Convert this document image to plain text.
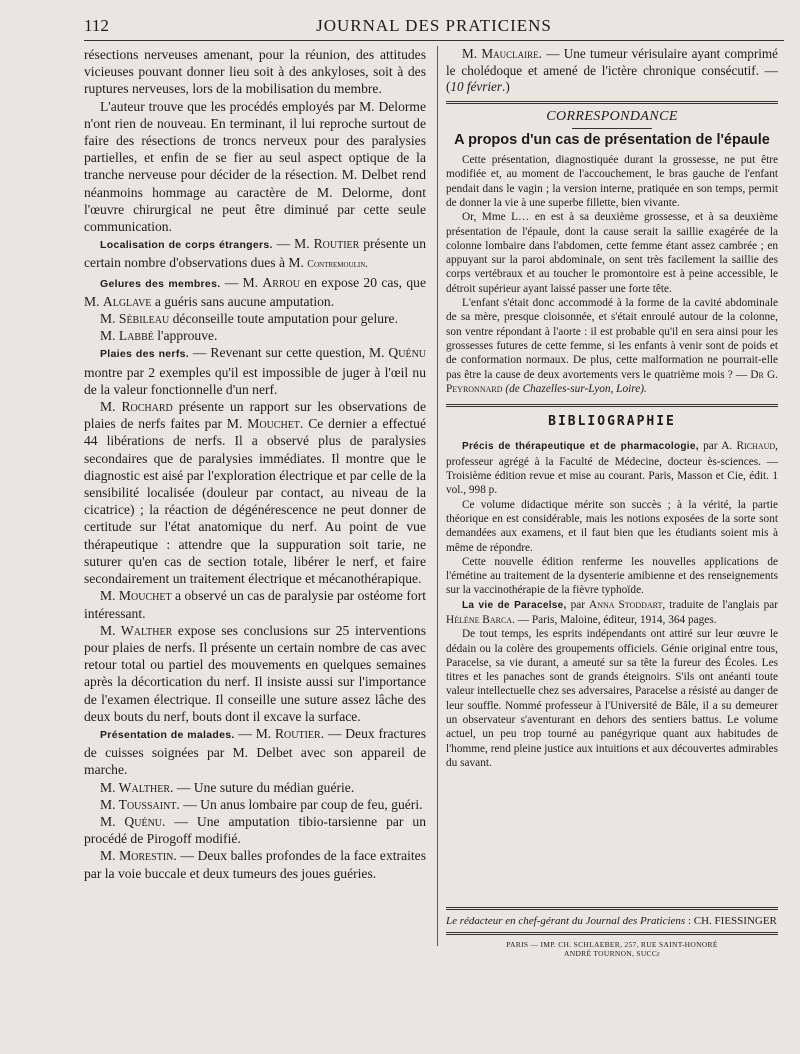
112	JOURNAL DES PRATICIENS

résections nerveuses amenant, pour la réunion, des attitudes vicieuses pouvant donner lieu soit à des ankyloses, soit à des ruptures nerveuses, lors de la mobilisation du membre.

L'auteur trouve que les procédés employés par M. Delorme n'ont rien de nouveau. En terminant, il lui reproche surtout de faire des résections de troncs nerveux pour des paralysies partielles, et enfin de se fier au seul aspect optique de la tranche nerveuse pour décider de la résection. M. Delbet rend néanmoins hommage au caractère de M. Delorme, dont l'œuvre chirurgical ne peut être diminué par cette seule communication.

Localisation de corps étrangers. — M. Routier présente un certain nombre d'observations dues à M. Contremoulin.

Gelures des membres. — M. Arrou en expose 20 cas, que M. Alglave a guéris sans aucune amputation.

M. Sébileau déconseille toute amputation pour gelure.

M. Labbé l'approuve.

Plaies des nerfs. — Revenant sur cette question, M. Quénu montre par 2 exemples qu'il est impossible de juger à l'œil nu de la valeur fonctionnelle d'un nerf.

M. Rochard présente un rapport sur les observations de plaies de nerfs faites par M. Mouchet. Ce dernier a effectué 44 libérations de nerfs. Il a observé plus de paralysies secondaires que de paralysies immédiates. Il montre que le diagnostic est aisé par l'exploration électrique et par celle de la sensibilité localisée (douleur par contact, au niveau de la cicatrice) ; la réaction de dégénérescence ne peut donner de certitude sur l'état anatomique du nerf. Au point de vue thérapeutique : attendre que la suppuration soit tarie, ne suturer qu'en cas de section totale, libérer le nerf, et faire secondairement un traitement électrique et mécanothérapique.

M. Mouchet a observé un cas de paralysie par ostéome fort intéressant.

M. Walther expose ses conclusions sur 25 interventions pour plaies de nerfs. Il présente un certain nombre de cas avec retour total ou partiel des mouvements en quelques semaines après la décortication du nerf. Il insiste aussi sur l'importance de l'examen électrique. Il conseille une suture assez lâche des deux bouts du nerf, bouts dont il excave la surface.

Présentation de malades. — M. Routier. — Deux fractures de cuisses soignées par M. Delbet avec son appareil de marche.

M. Walther. — Une suture du médian guérie.

M. Toussaint. — Un anus lombaire par coup de feu, guéri.

M. Quénu. — Une amputation tibio-tarsienne par un procédé de Pirogoff modifié.

M. Morestin. — Deux balles profondes de la face extraites par la voie buccale et deux tumeurs des joues guéries.

M. Mauclaire. — Une tumeur vérisulaire ayant comprimé le cholédoque et amené de l'ictère chronique consécutif. — (10 février.)

CORRESPONDANCE
A propos d'un cas de présentation de l'épaule

Cette présentation, diagnostiquée durant la grossesse, ne put être modifiée et, au moment de l'accouchement, le bras gauche de l'enfant pendait dans le vagin ; la version interne, pratiquée en son temps, permit de donner la vie à une superbe fillette, bien vivante.

Or, Mme L… en est à sa deuxième grossesse, et à sa deuxième présentation de l'épaule, dont la cause serait la saillie exagérée de la colonne lombaire dans l'abdomen, cette femme étant assez cambrée ; en appuyant sur la paroi abdominale, on sent très facilement la saillie des corps vertébraux et au toucher le promontoire est à peine accessible, le détroit supérieur ayant laissé passer une forte tête.

L'enfant s'était donc accommodé à la forme de la cavité abdominale de sa mère, presque cloisonnée, et s'était enroulé autour de la colonne, son ventre répondant à l'aorte : il est probable qu'il en sera ainsi pour les grossesses futures de cette femme, si les enfants à venir sont de poids et de conformation normaux. De plus, cette malformation ne pourrait-elle pas être la cause de deux avortements vers le quatrième mois ? — Dr G. Peyronnard (de Chazelles-sur-Lyon, Loire).

BIBLIOGRAPHIE

Précis de thérapeutique et de pharmacologie, par A. Richaud, professeur agrégé à la Faculté de Médecine, docteur ès-sciences. — Troisième édition revue et mise au courant. Paris, Masson et Cie, édit. 1 vol., 998 p.

Ce volume didactique mérite son succès ; à la vérité, la partie théorique en est considérable, mais les notions exposées de la sorte sont demandées aux examens, et il faut bien que les étudiants soient mis à même de répondre.

Cette nouvelle édition renferme les nouvelles applications de l'émétine au traitement de la dysenterie amibienne et des renseignements sur la vaccinothérapie de la fièvre typhoïde.

La vie de Paracelse, par Anna Stoddart, traduite de l'anglais par Hélène Barca. — Paris, Maloine, éditeur, 1914, 364 pages.

De tout temps, les esprits indépendants ont attiré sur leur œuvre le dédain ou la colère des groupements officiels. Génie original entre tous, Paracelse, sa vie durant, a ameuté sur sa tête la fureur des Écoles. Les titres et les panaches sont de grands éteignoirs. S'ils ont anéanti toute valeur intellectuelle chez ses adversaires, Paracelse a résisté au danger de leur souffle. Nommé professeur à l'Université de Bâle, il a su demeurer un observateur s'aventurant en dehors des sentiers battus. Le volume actuel, un peu trop tourné au panégyrique quant aux habitudes de l'homme, rend pleine justice aux intuitions et aux découvertes admirables du savant.

Le rédacteur en chef-gérant du Journal des Praticiens : CH. FIESSINGER
PARIS — IMP. CH. SCHLAEBER, 257, RUE SAINT-HONORÉ
ANDRÉ TOURNON, SUCCr
